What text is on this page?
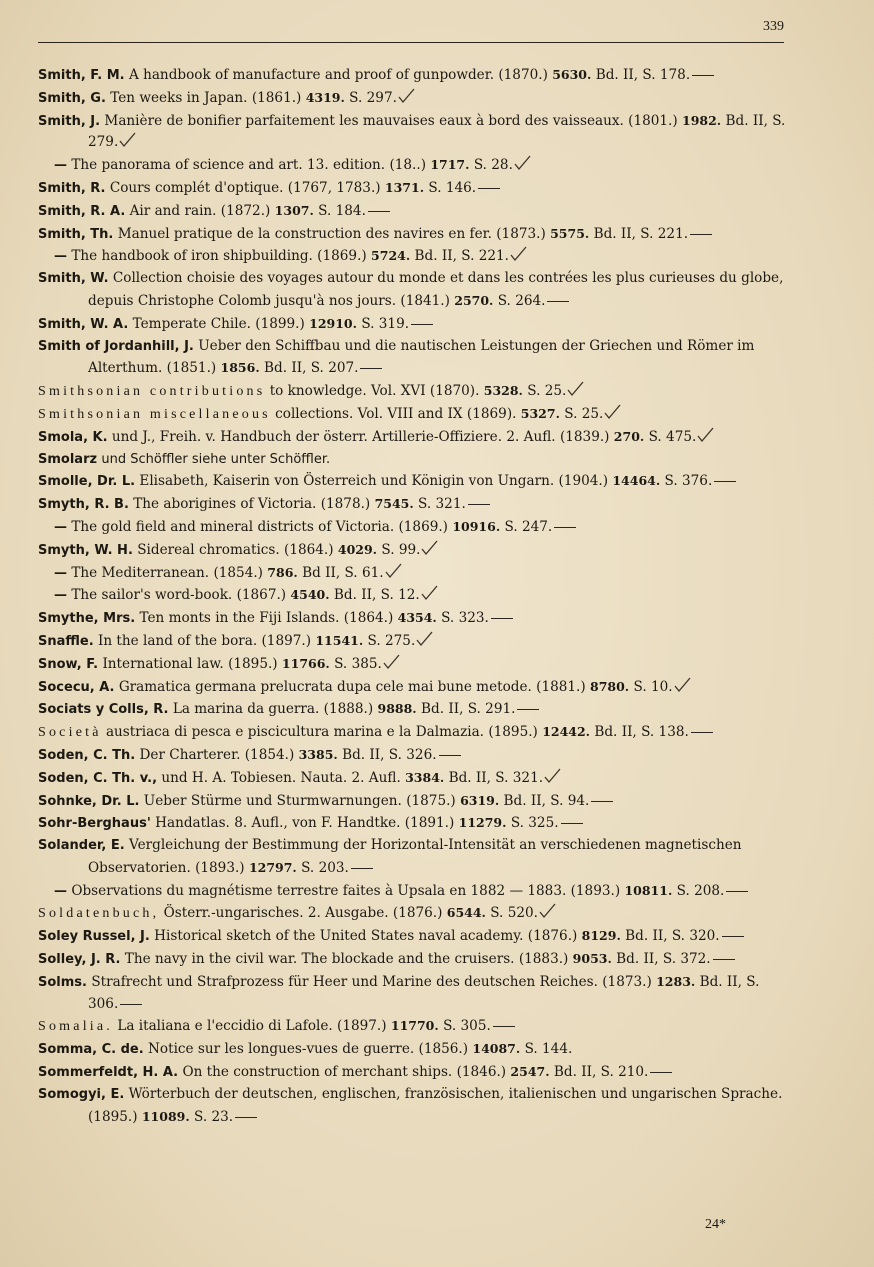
339

Smith, F. M. A handbook of manufacture and proof of gunpowder. (1870.) 5630. Bd. II, S. 178.

Smith, G. Ten weeks in Japan. (1861.) 4319. S. 297.

Smith, J. Manière de bonifier parfaitement les mauvaises eaux à bord des vaisseaux. (1801.) 1982. Bd. II, S. 279.

— The panorama of science and art. 13. edition. (18..) 1717. S. 28.

Smith, R. Cours complét d'optique. (1767, 1783.) 1371. S. 146.

Smith, R. A. Air and rain. (1872.) 1307. S. 184.

Smith, Th. Manuel pratique de la construction des navires en fer. (1873.) 5575. Bd. II, S. 221.

— The handbook of iron shipbuilding. (1869.) 5724. Bd. II, S. 221.

Smith, W. Collection choisie des voyages autour du monde et dans les contrées les plus curieuses du globe, depuis Christophe Colomb jusqu'à nos jours. (1841.) 2570. S. 264.

Smith, W. A. Temperate Chile. (1899.) 12910. S. 319.

Smith of Jordanhill, J. Ueber den Schiffbau und die nautischen Leistungen der Griechen und Römer im Alterthum. (1851.) 1856. Bd. II, S. 207.

Smithsonian contributions to knowledge. Vol. XVI (1870). 5328. S. 25.

Smithsonian miscellaneous collections. Vol. VIII and IX (1869). 5327. S. 25.

Smola, K. und J., Freih. v. Handbuch der österr. Artillerie-Offiziere. 2. Aufl. (1839.) 270. S. 475.

Smolarz und Schöffler siehe unter Schöffler.

Smolle, Dr. L. Elisabeth, Kaiserin von Österreich und Königin von Ungarn. (1904.) 14464. S. 376.

Smyth, R. B. The aborigines of Victoria. (1878.) 7545. S. 321.

— The gold field and mineral districts of Victoria. (1869.) 10916. S. 247.

Smyth, W. H. Sidereal chromatics. (1864.) 4029. S. 99.

— The Mediterranean. (1854.) 786. Bd II, S. 61.

— The sailor's word-book. (1867.) 4540. Bd. II, S. 12.

Smythe, Mrs. Ten monts in the Fiji Islands. (1864.) 4354. S. 323.

Snaffle. In the land of the bora. (1897.) 11541. S. 275.

Snow, F. International law. (1895.) 11766. S. 385.

Socecu, A. Gramatica germana prelucrata dupa cele mai bune metode. (1881.) 8780. S. 10.

Sociats y Colls, R. La marina da guerra. (1888.) 9888. Bd. II, S. 291.

Società austriaca di pesca e piscicultura marina e la Dalmazia. (1895.) 12442. Bd. II, S. 138.

Soden, C. Th. Der Charterer. (1854.) 3385. Bd. II, S. 326.

Soden, C. Th. v., und H. A. Tobiesen. Nauta. 2. Aufl. 3384. Bd. II, S. 321.

Sohnke, Dr. L. Ueber Stürme und Sturmwarnungen. (1875.) 6319. Bd. II, S. 94.

Sohr-Berghaus' Handatlas. 8. Aufl., von F. Handtke. (1891.) 11279. S. 325.

Solander, E. Vergleichung der Bestimmung der Horizontal-Intensität an verschiedenen magnetischen Observatorien. (1893.) 12797. S. 203.

— Observations du magnétisme terrestre faites à Upsala en 1882 — 1883. (1893.) 10811. S. 208.

Soldatenbuch, Österr.-ungarisches. 2. Ausgabe. (1876.) 6544. S. 520.

Soley Russel, J. Historical sketch of the United States naval academy. (1876.) 8129. Bd. II, S. 320.

Solley, J. R. The navy in the civil war. The blockade and the cruisers. (1883.) 9053. Bd. II, S. 372.

Solms. Strafrecht und Strafprozess für Heer und Marine des deutschen Reiches. (1873.) 1283. Bd. II, S. 306.

Somalia. La italiana e l'eccidio di Lafole. (1897.) 11770. S. 305.

Somma, C. de. Notice sur les longues-vues de guerre. (1856.) 14087. S. 144.

Sommerfeldt, H. A. On the construction of merchant ships. (1846.) 2547. Bd. II, S. 210.

Somogyi, E. Wörterbuch der deutschen, englischen, französischen, italienischen und ungarischen Sprache. (1895.) 11089. S. 23.

24*
